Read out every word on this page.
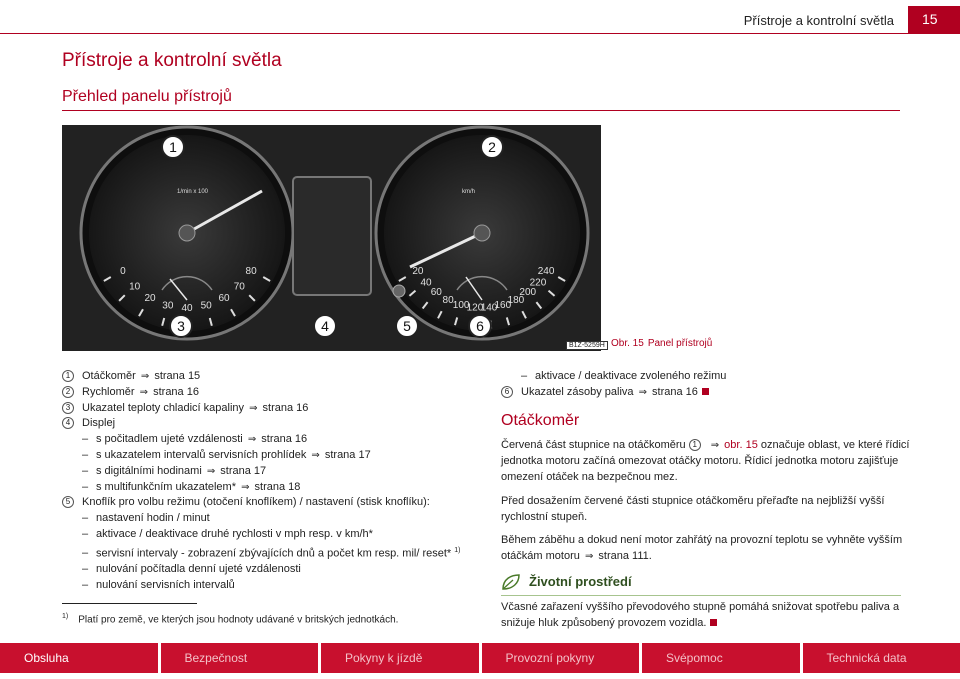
Přístroje a kontrolní světla	15
Přístroje a kontrolní světla
Přehled panelu přístrojů
0
10
20
30 40 50
60
70
80
1/min x 100
20
40
60
80 100
120
140
160
180
200
220
240
km/h
1	2
3	4	5	6
B1Z-5259H Obr. 15 Panel přístrojů
1 Otáčkoměr ⇒ strana 15
2 Rychloměr ⇒ strana 16
3 Ukazatel teploty chladicí kapaliny ⇒ strana 16
4 Displej
– s počitadlem ujeté vzdálenosti ⇒ strana 16
– s ukazatelem intervalů servisních prohlídek ⇒ strana 17
– s digitálními hodinami ⇒ strana 17
– s multifunkčním ukazatelem* ⇒ strana 18
5 Knoflík pro volbu režimu (otočení knoflíkem) / nastavení (stisk knoflíku):
– nastavení hodin / minut
– aktivace / deaktivace druhé rychlosti v mph resp. v km/h*
– servisní intervaly - zobrazení zbývajících dnů a počet km resp. mil/ reset* $^{1)}$
– nulování počítadla denní ujeté vzdálenosti
– nulování servisních intervalů
$^{1)}$ Platí pro země, ve kterých jsou hodnoty udávané v britských jednotkách.
– aktivace / deaktivace zvoleného režimu
6 Ukazatel zásoby paliva ⇒ strana 16
Otáčkoměr
Červená část stupnice na otáčkoměru 1 ⇒ obr. 15 označuje oblast, ve které řídicí jednotka motoru začíná omezovat otáčky motoru. Řídicí jednotka motoru zajišťuje omezení otáček na bezpečnou mez.
Před dosažením červené části stupnice otáčkoměru přeřaďte na nejbližší vyšší rychlostní stupeň.
Během záběhu a dokud není motor zahřátý na provozní teplotu se vyhněte vyšším otáčkám motoru ⇒ strana 111.
Životní prostředí
Včasné zařazení vyššího převodového stupně pomáhá snižovat spotřebu paliva a snižuje hluk způsobený provozem vozidla.
Obsluha	Bezpečnost	Pokyny k jízdě	Provozní pokyny	Svépomoc	Technická data
